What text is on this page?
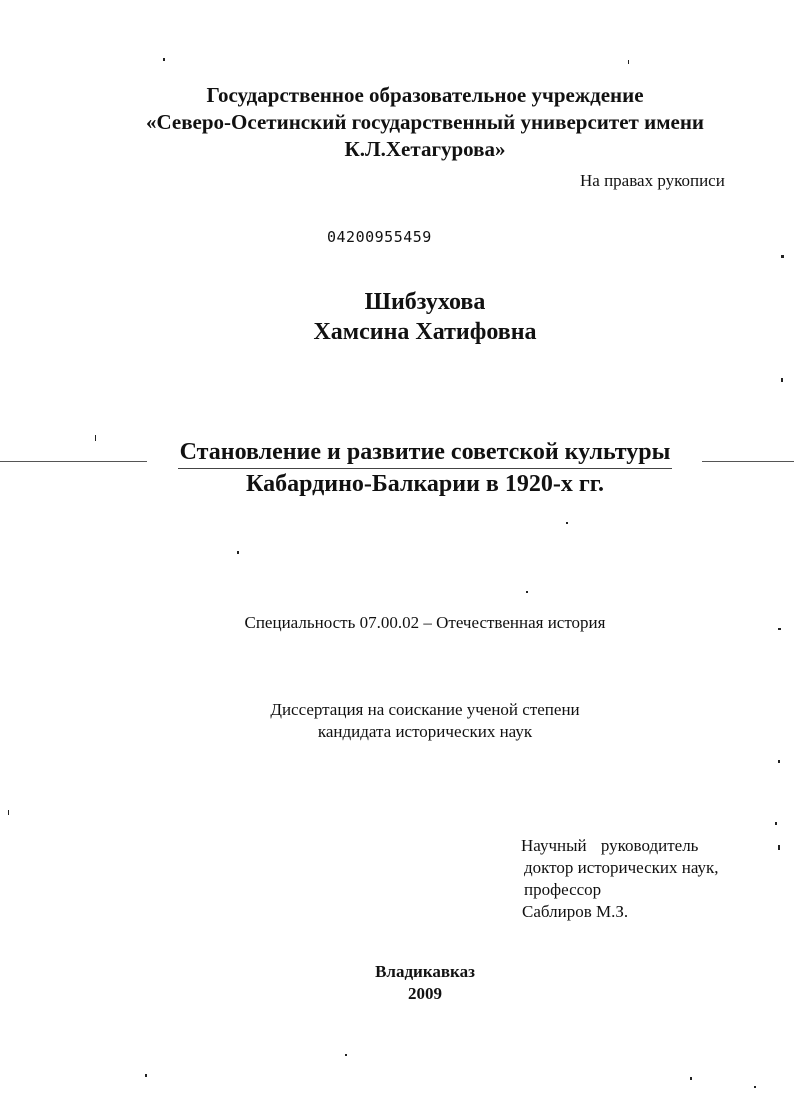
Государственное образовательное учреждение
«Северо-Осетинский государственный университет имени
К.Л.Хетагурова»
На правах рукописи
04200955459
Шибзухова
Хамсина Хатифовна
Становление и развитие советской культуры
Кабардино-Балкарии в 1920-х гг.
Специальность 07.00.02 – Отечественная история
Диссертация на соискание ученой степени
кандидата исторических наук
Научный руководитель
доктор исторических наук,
профессор
Саблиров М.З.
Владикавказ
2009
